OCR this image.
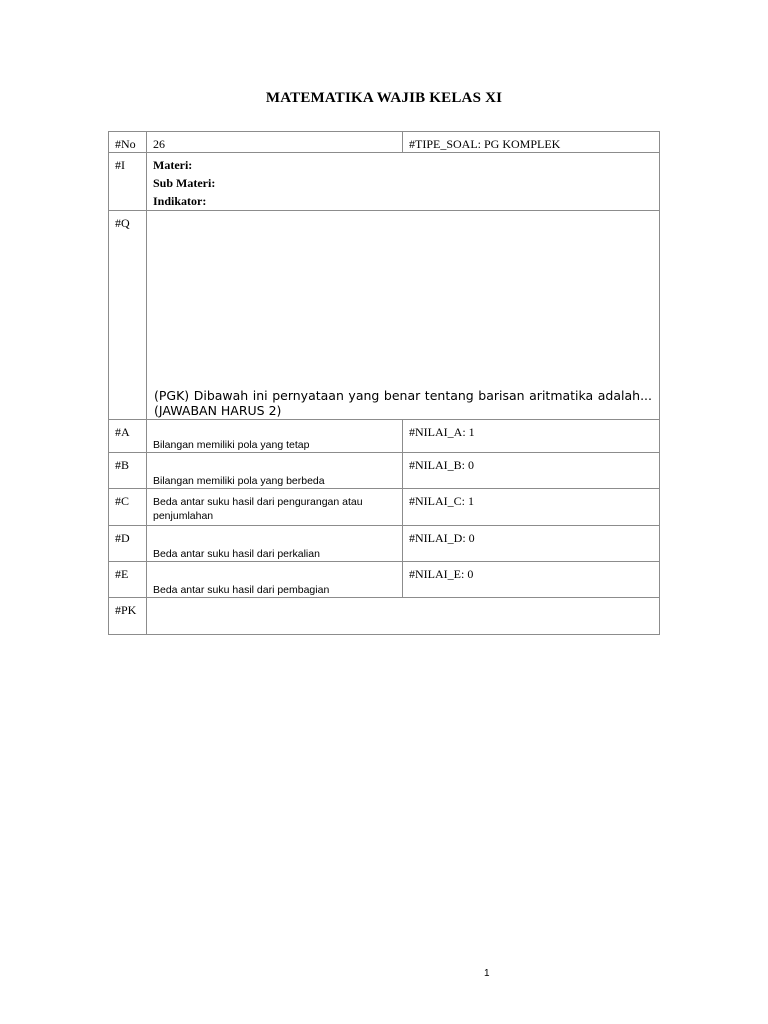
MATEMATIKA WAJIB KELAS XI
#No	26	#TIPE_SOAL: PG KOMPLEK
#I	Materi:
Sub Materi:
Indikator:	

#Q	(PGK) Dibawah ini pernyataan yang benar tentang barisan aritmatika adalah... (JAWABAN HARUS 2)	

#A	Bilangan memiliki pola yang tetap	#NILAI_A: 1
#B	Bilangan memiliki pola yang berbeda	#NILAI_B: 0
#C	Beda antar suku hasil dari pengurangan atau penjumlahan	#NILAI_C: 1
#D	Beda antar suku hasil dari perkalian	#NILAI_D: 0
#E	Beda antar suku hasil dari pembagian	#NILAI_E: 0
#PK		
1
